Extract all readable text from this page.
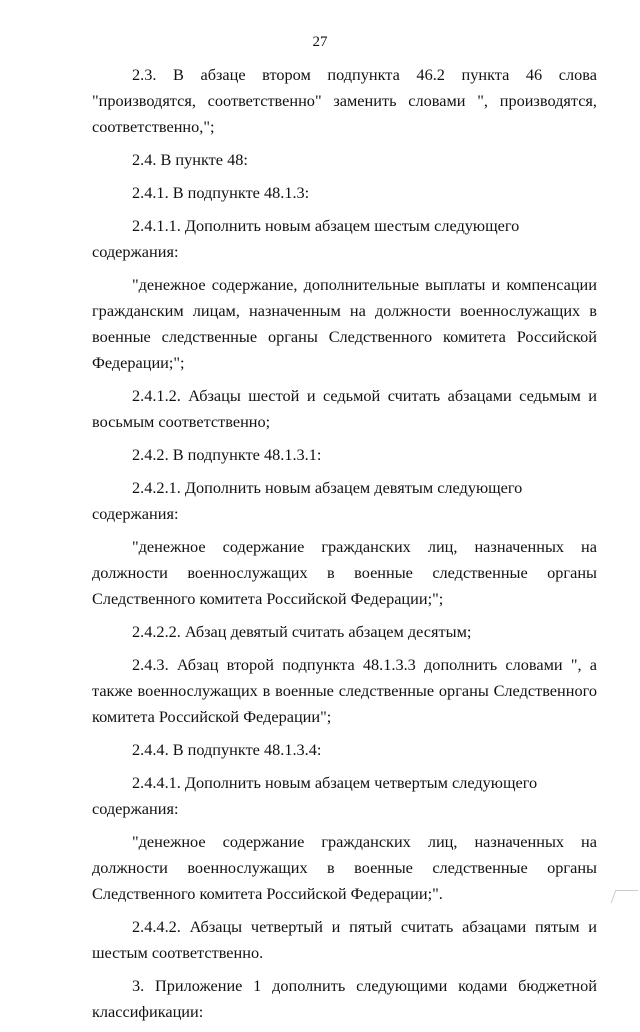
27

2.3. В абзаце втором подпункта 46.2 пункта 46 слова "производятся, соответственно" заменить словами ", производятся, соответственно,";

2.4. В пункте 48:

2.4.1. В подпункте 48.1.3:

2.4.1.1. Дополнить новым абзацем шестым следующего содержания:

"денежное содержание, дополнительные выплаты и компенсации гражданским лицам, назначенным на должности военнослужащих в военные следственные органы Следственного комитета Российской Федерации;";

2.4.1.2. Абзацы шестой и седьмой считать абзацами седьмым и восьмым соответственно;

2.4.2. В подпункте 48.1.3.1:

2.4.2.1. Дополнить новым абзацем девятым следующего содержания:

"денежное содержание гражданских лиц, назначенных на должности военнослужащих в военные следственные органы Следственного комитета Российской Федерации;";

2.4.2.2. Абзац девятый считать абзацем десятым;

2.4.3. Абзац второй подпункта 48.1.3.3 дополнить словами ", а также военнослужащих в военные следственные органы Следственного комитета Российской Федерации";

2.4.4. В подпункте 48.1.3.4:

2.4.4.1. Дополнить новым абзацем четвертым следующего содержания:

"денежное содержание гражданских лиц, назначенных на должности военнослужащих в военные следственные органы Следственного комитета Российской Федерации;".

2.4.4.2. Абзацы четвертый и пятый считать абзацами пятым и шестым соответственно.

3. Приложение 1 дополнить следующими кодами бюджетной классификации:
